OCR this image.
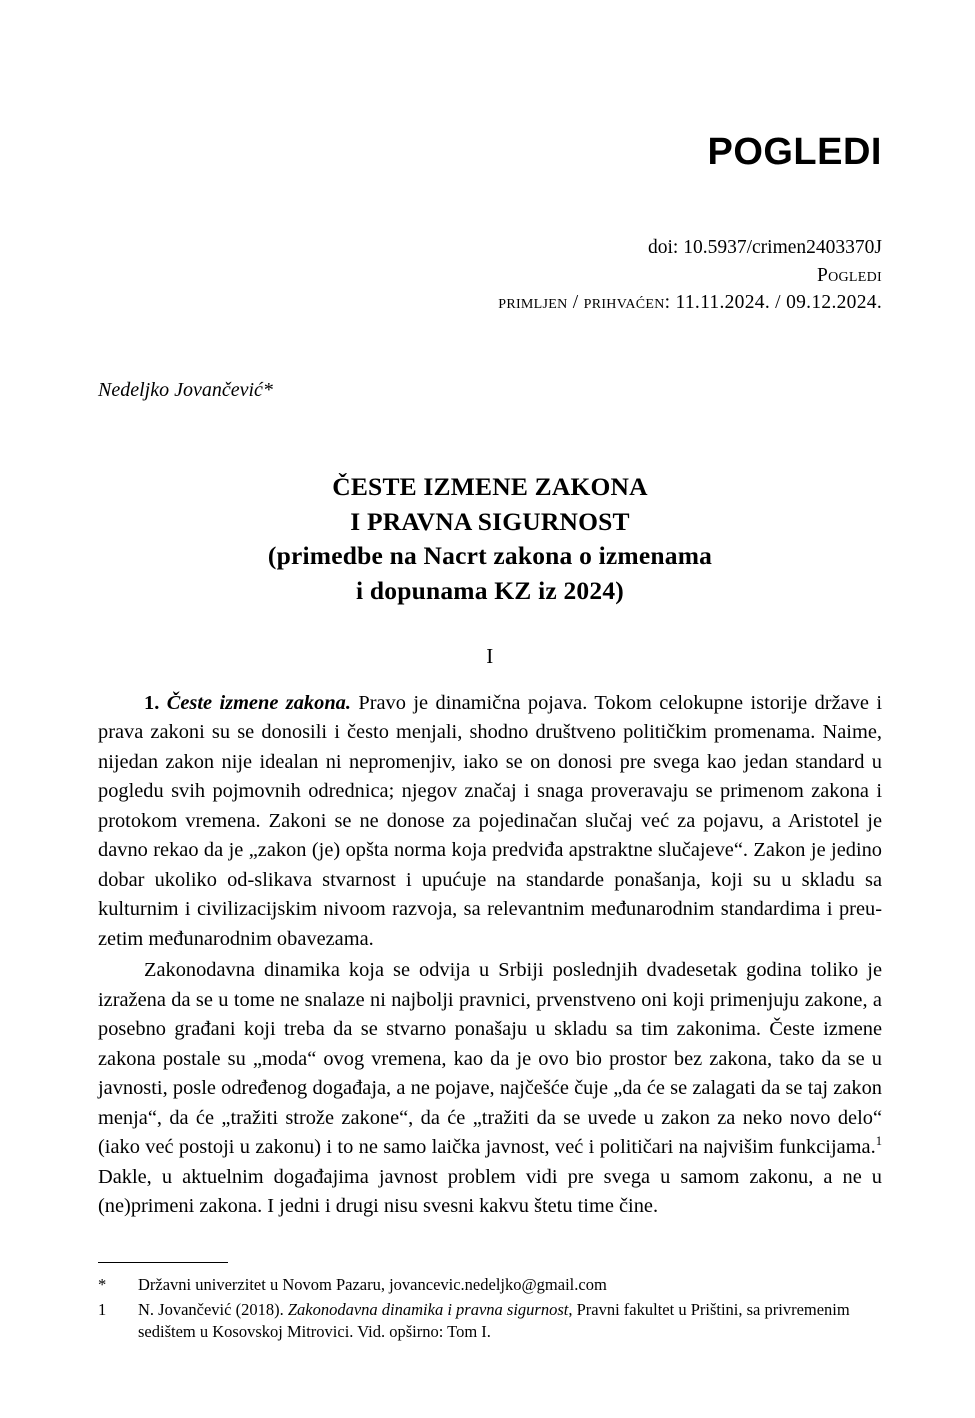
POGLEDI
doi: 10.5937/crimen2403370J
Pogledi
primljen / prihvaćen: 11.11.2024. / 09.12.2024.
Nedeljko Jovančević*
ČESTE IZMENE ZAKONA
I PRAVNA SIGURNOST
(primedbe na Nacrt zakona o izmenama
i dopunama KZ iz 2024)
I

1. Česte izmene zakona. Pravo je dinamična pojava. Tokom celokupne istorije države i prava zakoni su se donosili i često menjali, shodno društveno političkim promenama. Naime, nijedan zakon nije idealan ni nepromenjiv, iako se on donosi pre svega kao jedan standard u pogledu svih pojmovnih odrednica; njegov značaj i snaga proveravaju se primenom zakona i protokom vremena. Zakoni se ne donose za pojedinačan slučaj već za pojavu, a Aristotel je davno rekao da je „zakon (je) opšta norma koja predviđa apstraktne slučajeve“. Zakon je jedino dobar ukoliko od-slikava stvarnost i upućuje na standarde ponašanja, koji su u skladu sa kulturnim i civilizacijskim nivoom razvoja, sa relevantnim međunarodnim standardima i preu-zetim međunarodnim obavezama.

Zakonodavna dinamika koja se odvija u Srbiji poslednjih dvadesetak godina toliko je izražena da se u tome ne snalaze ni najbolji pravnici, prvenstveno oni koji primenjuju zakone, a posebno građani koji treba da se stvarno ponašaju u skladu sa tim zakonima. Česte izmene zakona postale su „moda“ ovog vremena, kao da je ovo bio prostor bez zakona, tako da se u javnosti, posle određenog događaja, a ne pojave, najčešće čuje „da će se zalagati da se taj zakon menja“, da će „tražiti strože zakone“, da će „tražiti da se uvede u zakon za neko novo delo“ (iako već postoji u zakonu) i to ne samo laička javnost, već i političari na najvišim funkcijama.$^1$ Dakle, u aktuelnim događajima javnost problem vidi pre svega u samom zakonu, a ne u (ne)primeni zakona. I jedni i drugi nisu svesni kakvu štetu time čine.

*	Državni univerzitet u Novom Pazaru, jovancevic.nedeljko@gmail.com
1	N. Jovančević (2018). Zakonodavna dinamika i pravna sigurnost, Pravni fakultet u Prištini, sa privremenim sedištem u Kosovskoj Mitrovici. Vid. opširno: Tom I.
